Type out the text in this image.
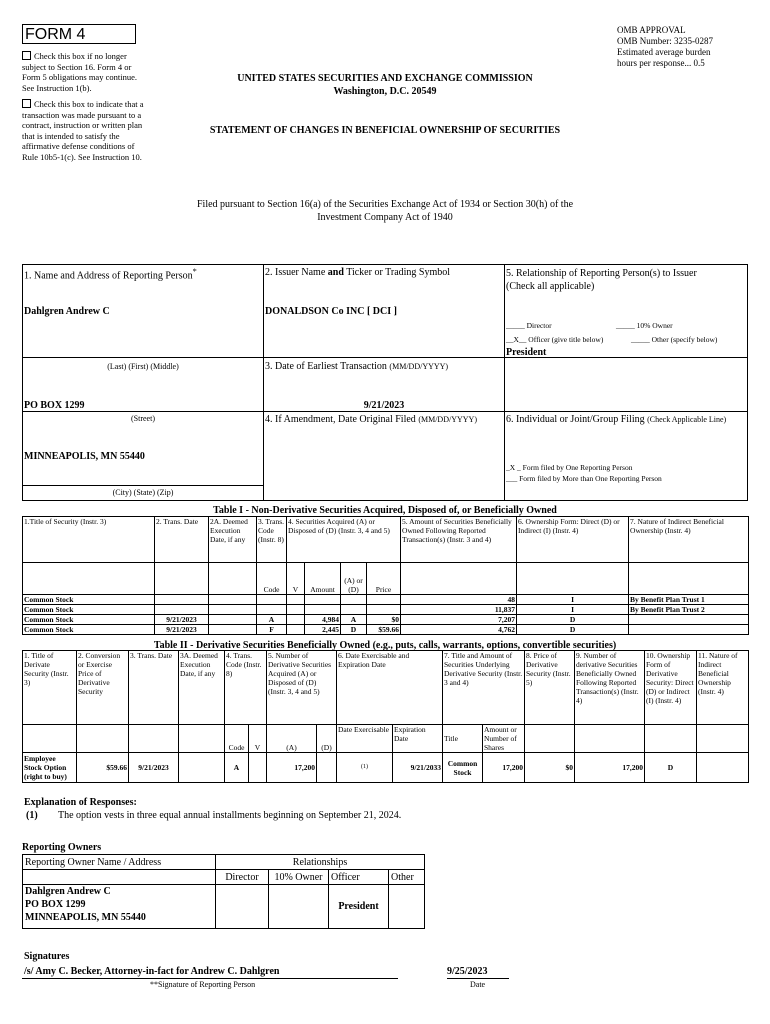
FORM 4
Check this box if no longer subject to Section 16. Form 4 or Form 5 obligations may continue. See Instruction 1(b).
Check this box to indicate that a transaction was made pursuant to a contract, instruction or written plan that is intended to satisfy the affirmative defense conditions of Rule 10b5-1(c). See Instruction 10.
OMB APPROVAL
OMB Number: 3235-0287
Estimated average burden
hours per response... 0.5
UNITED STATES SECURITIES AND EXCHANGE COMMISSION
Washington, D.C. 20549
STATEMENT OF CHANGES IN BENEFICIAL OWNERSHIP OF SECURITIES
Filed pursuant to Section 16(a) of the Securities Exchange Act of 1934 or Section 30(h) of the
Investment Company Act of 1940
1. Name and Address of Reporting Person*
Dahlgren Andrew C
(Last) (First) (Middle)
PO BOX 1299
(Street)
MINNEAPOLIS, MN 55440
(City) (State) (Zip)
2. Issuer Name and Ticker or Trading Symbol
DONALDSON Co INC [ DCI ]
3. Date of Earliest Transaction (MM/DD/YYYY)
9/21/2023
4. If Amendment, Date Original Filed (MM/DD/YYYY)
5. Relationship of Reporting Person(s) to Issuer
(Check all applicable)
_____ Director	_____ 10% Owner
__X__ Officer (give title below)	_____ Other (specify below)
President
6. Individual or Joint/Group Filing (Check Applicable Line)
_X _ Form filed by One Reporting Person
___ Form filed by More than One Reporting Person
Table I - Non-Derivative Securities Acquired, Disposed of, or Beneficially Owned
1.Title of Security (Instr. 3)	2. Trans. Date	2A. Deemed Execution Date, if any	3. Trans. Code (Instr. 8)	4. Securities Acquired (A) or Disposed of (D) (Instr. 3, 4 and 5)				5. Amount of Securities Beneficially Owned Following Reported Transaction(s) (Instr. 3 and 4)	6. Ownership Form: Direct (D) or Indirect (I) (Instr. 4)	7. Nature of Indirect Beneficial Ownership (Instr. 4)
			Code	V	Amount	(A) or (D)	Price			
Common Stock								48	I	By Benefit Plan Trust 1
Common Stock								11,837	I	By Benefit Plan Trust 2
Common Stock	9/21/2023		A		4,984	A	$0	7,207	D	
Common Stock	9/21/2023		F		2,445	D	$59.66	4,762	D	
Table II - Derivative Securities Beneficially Owned (e.g., puts, calls, warrants, options, convertible securities)
1. Title of Derivate Security (Instr. 3)	2. Conversion or Exercise Price of Derivative Security	3. Trans. Date	3A. Deemed Execution Date, if any	4. Trans. Code (Instr. 8)		5. Number of Derivative Securities Acquired (A) or Disposed of (D) (Instr. 3, 4 and 5)		6. Date Exercisable and Expiration Date		7. Title and Amount of Securities Underlying Derivative Security (Instr. 3 and 4)		8. Price of Derivative Security (Instr. 5)	9. Number of derivative Securities Beneficially Owned Following Reported Transaction(s) (Instr. 4)	10. Ownership Form of Derivative Security: Direct (D) or Indirect (I) (Instr. 4)	11. Nature of Indirect Beneficial Ownership (Instr. 4)
				Code	V	(A)	(D)	Date Exercisable	Expiration Date	Title	Amount or Number of Shares				
Employee Stock Option (right to buy)	$59.66	9/21/2023		A		17,200		(1)	9/21/2033	Common Stock	17,200	$0	17,200	D	
Explanation of Responses:
(1) The option vests in three equal annual installments beginning on September 21, 2024.
Reporting Owners
Reporting Owner Name / Address	Relationships			
	Director	10% Owner	Officer	Other

Dahlgren Andrew C
PO BOX 1299
MINNEAPOLIS, MN 55440			President	
Signatures
/s/ Amy C. Becker, Attorney-in-fact for Andrew C. Dahlgren	9/25/2023
**Signature of Reporting Person	Date
